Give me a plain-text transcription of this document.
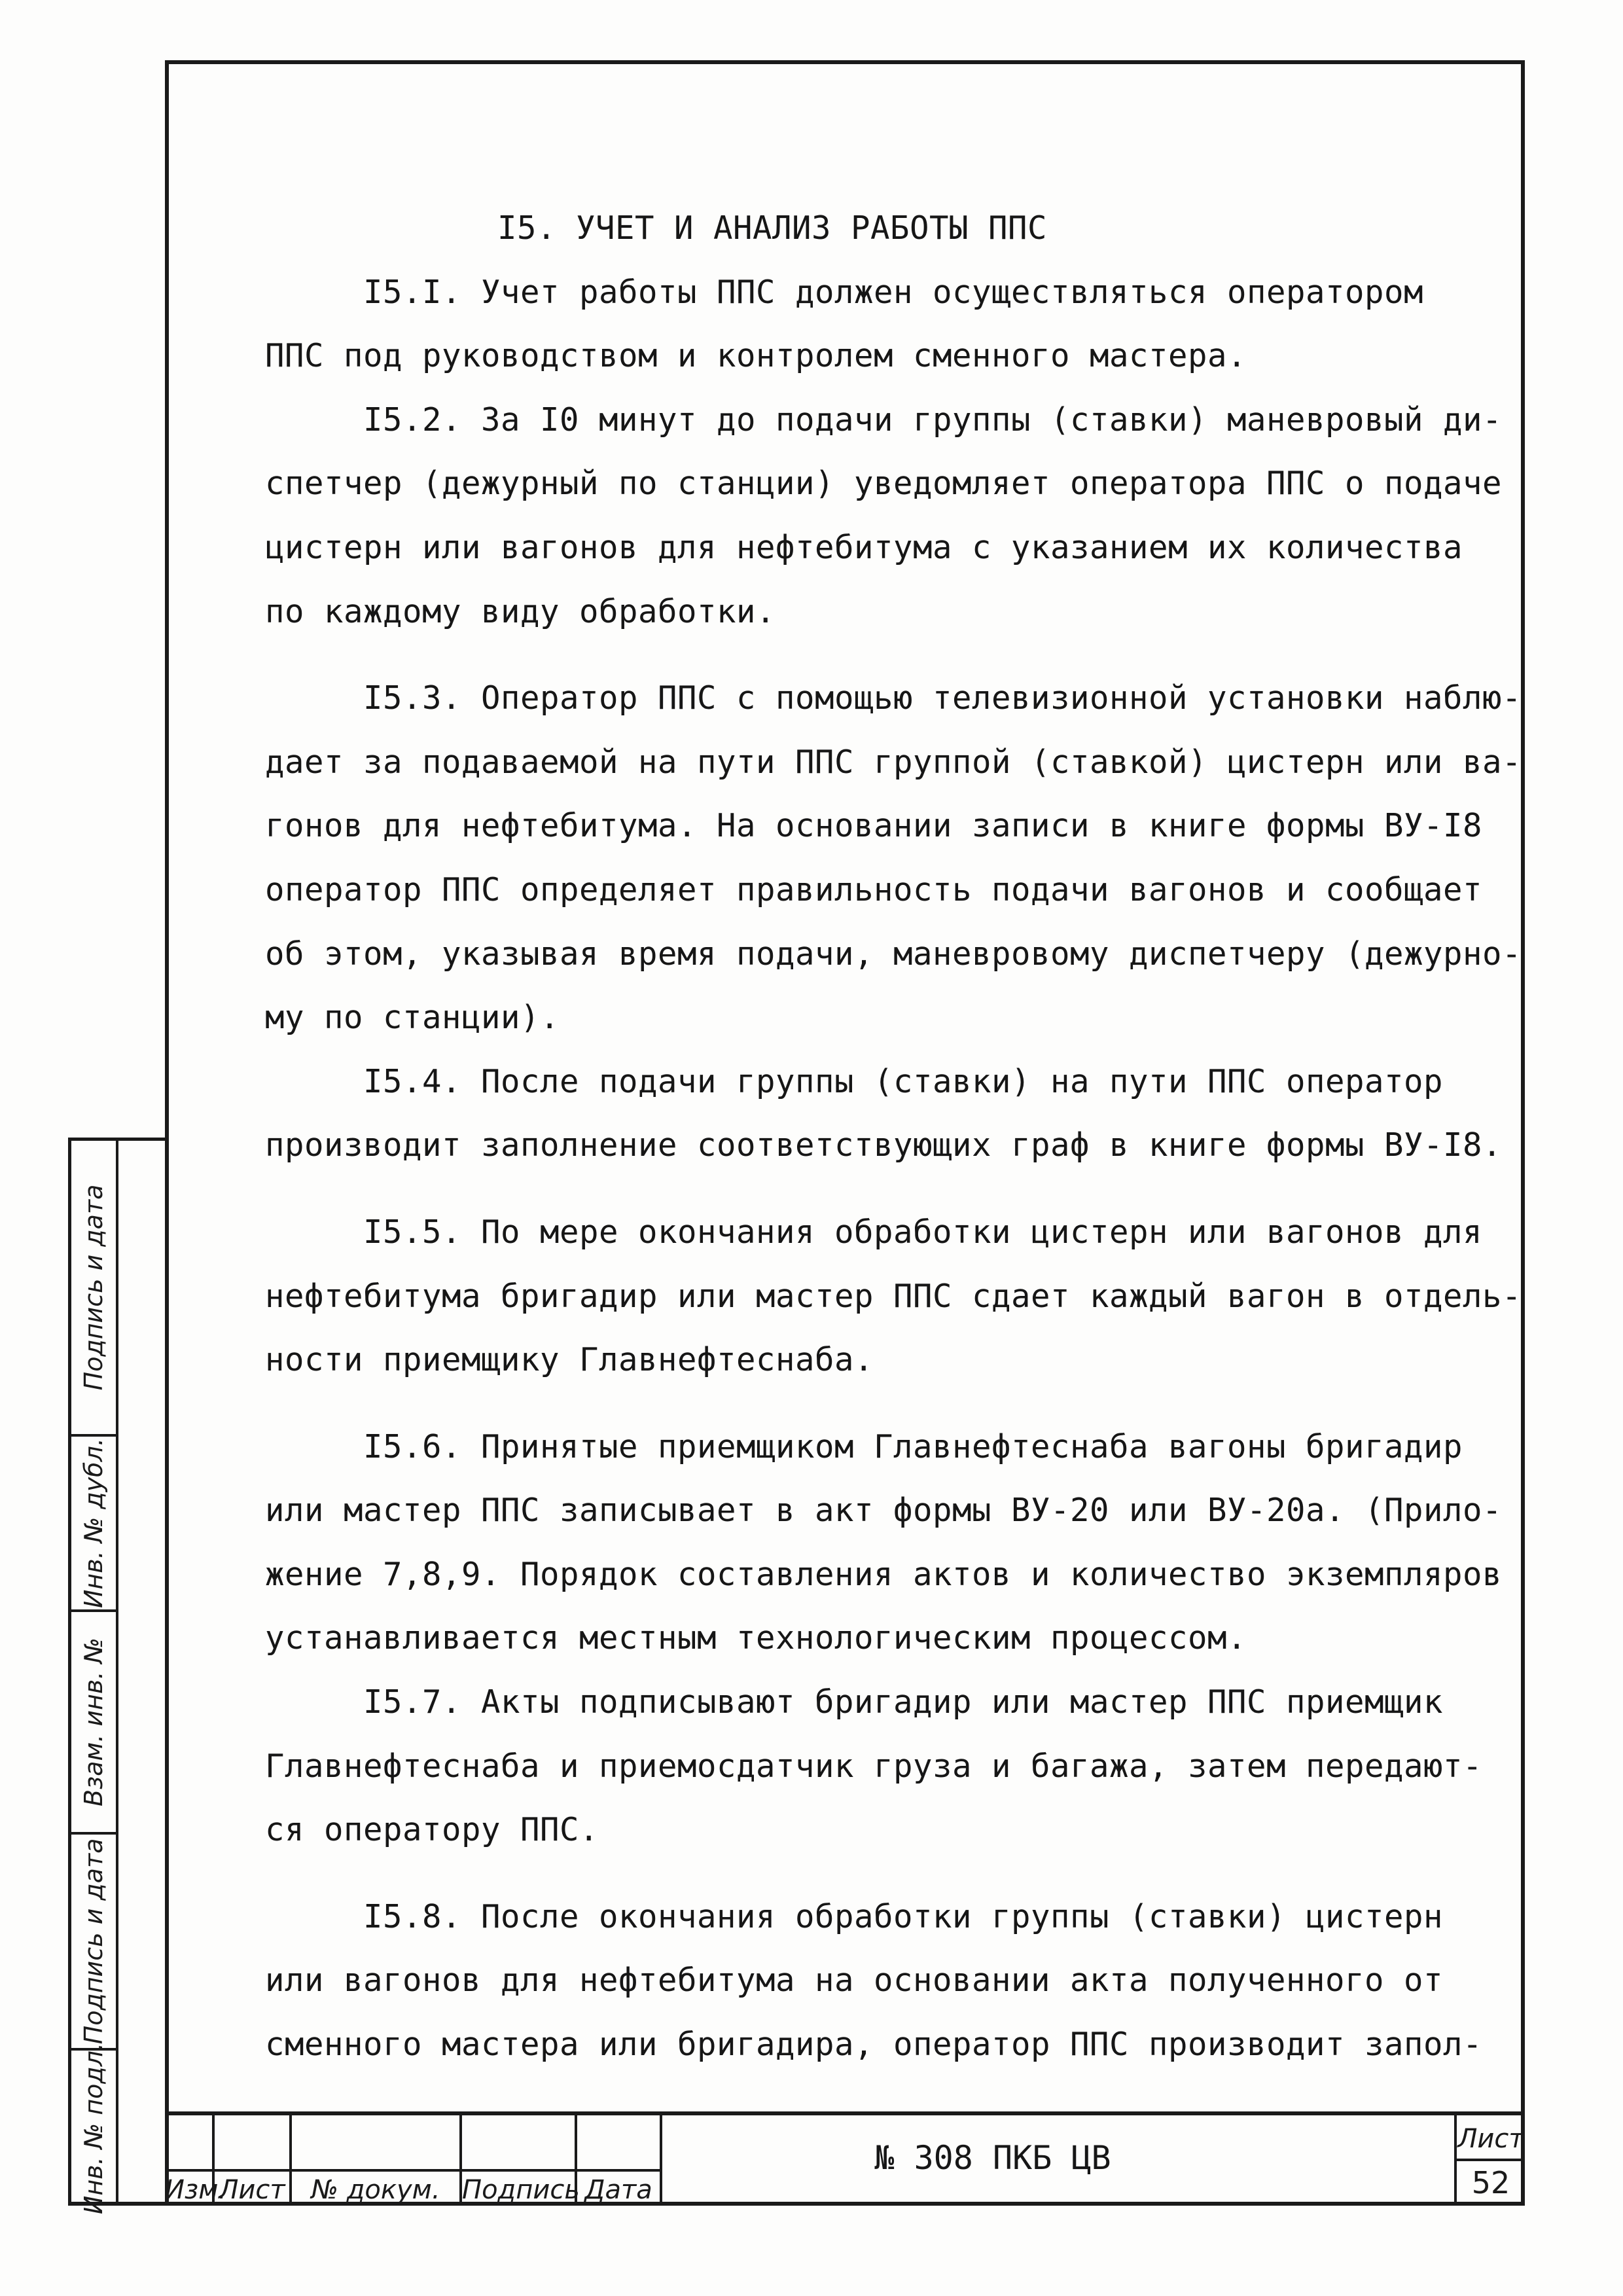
I5. УЧЕТ И АНАЛИЗ РАБОТЫ ППС

I5.I. Учет работы ППС должен осуществляться оператором

ППС под руководством и контролем сменного мастера.

I5.2. За I0 минут до подачи группы (ставки) маневровый ди-

спетчер (дежурный по станции) уведомляет оператора ППС о подаче

цистерн или вагонов для нефтебитума с указанием их количества

по каждому виду обработки.

I5.3. Оператор ППС с помощью телевизионной установки наблю-

дает за подаваемой на пути ППС группой (ставкой) цистерн или ва-

гонов для нефтебитума. На основании записи в книге формы ВУ-I8

оператор ППС определяет правильность подачи вагонов и сообщает

об этом, указывая время подачи, маневровому диспетчеру (дежурно-

му по станции).

I5.4. После подачи группы (ставки) на пути ППС оператор

производит заполнение соответствующих граф в книге формы ВУ-I8.

I5.5. По мере окончания обработки цистерн или вагонов для

нефтебитума бригадир или мастер ППС сдает каждый вагон в отдель-

ности приемщику Главнефтеснаба.

I5.6. Принятые приемщиком Главнефтеснаба вагоны бригадир

или мастер ППС записывает в акт формы ВУ-20 или ВУ-20а. (Прило-

жение 7,8,9. Порядок составления актов и количество экземпляров

устанавливается местным технологическим процессом.

I5.7. Акты подписывают бригадир или мастер ППС приемщик

Главнефтеснаба и приемосдатчик груза и багажа, затем передают-

ся оператору ППС.

I5.8. После окончания обработки группы (ставки) цистерн

или вагонов для нефтебитума на основании акта полученного от

сменного мастера или бригадира, оператор ППС производит запол-

Подпись и дата
Инв. № дубл.
Взам. инв. №
Подпись и дата
Инв. № подл. Изм.
Лист № докум. Подпись Дата
№ 308 ПКБ ЦВ	Лист
52
